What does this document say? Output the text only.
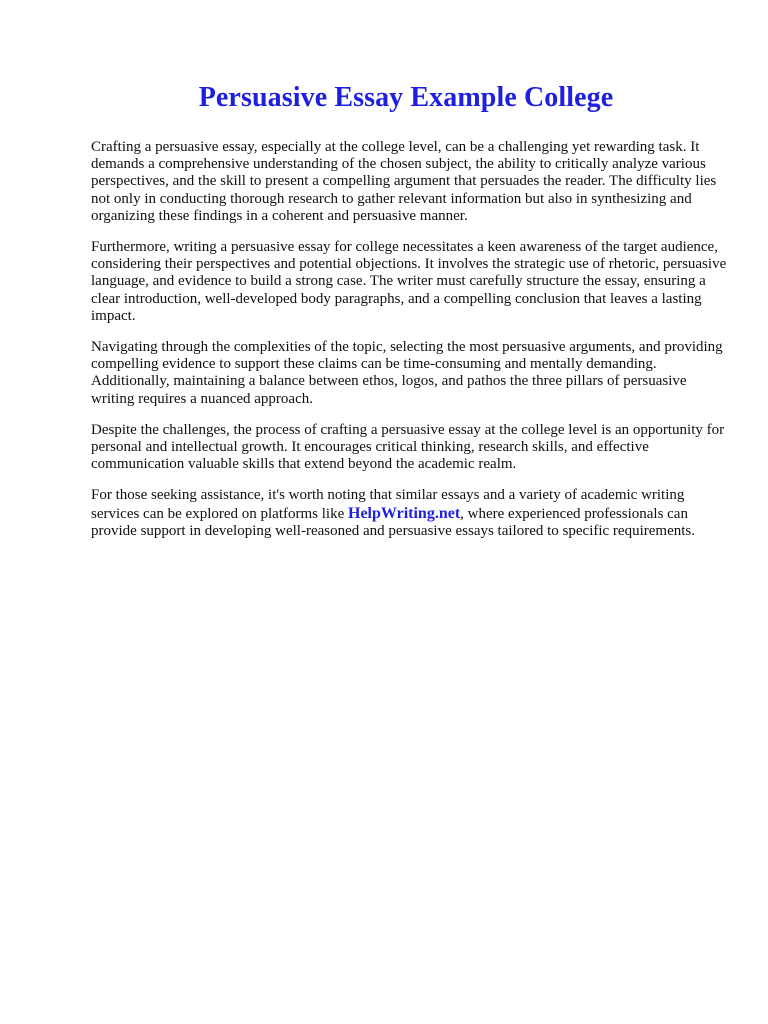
Persuasive Essay Example College

Crafting a persuasive essay, especially at the college level, can be a challenging yet rewarding task. It demands a comprehensive understanding of the chosen subject, the ability to critically analyze various perspectives, and the skill to present a compelling argument that persuades the reader. The difficulty lies not only in conducting thorough research to gather relevant information but also in synthesizing and organizing these findings in a coherent and persuasive manner.

Furthermore, writing a persuasive essay for college necessitates a keen awareness of the target audience, considering their perspectives and potential objections. It involves the strategic use of rhetoric, persuasive language, and evidence to build a strong case. The writer must carefully structure the essay, ensuring a clear introduction, well-developed body paragraphs, and a compelling conclusion that leaves a lasting impact.

Navigating through the complexities of the topic, selecting the most persuasive arguments, and providing compelling evidence to support these claims can be time-consuming and mentally demanding. Additionally, maintaining a balance between ethos, logos, and pathos the three pillars of persuasive writing requires a nuanced approach.

Despite the challenges, the process of crafting a persuasive essay at the college level is an opportunity for personal and intellectual growth. It encourages critical thinking, research skills, and effective communication valuable skills that extend beyond the academic realm.

For those seeking assistance, it's worth noting that similar essays and a variety of academic writing services can be explored on platforms like HelpWriting.net, where experienced professionals can provide support in developing well-reasoned and persuasive essays tailored to specific requirements.
